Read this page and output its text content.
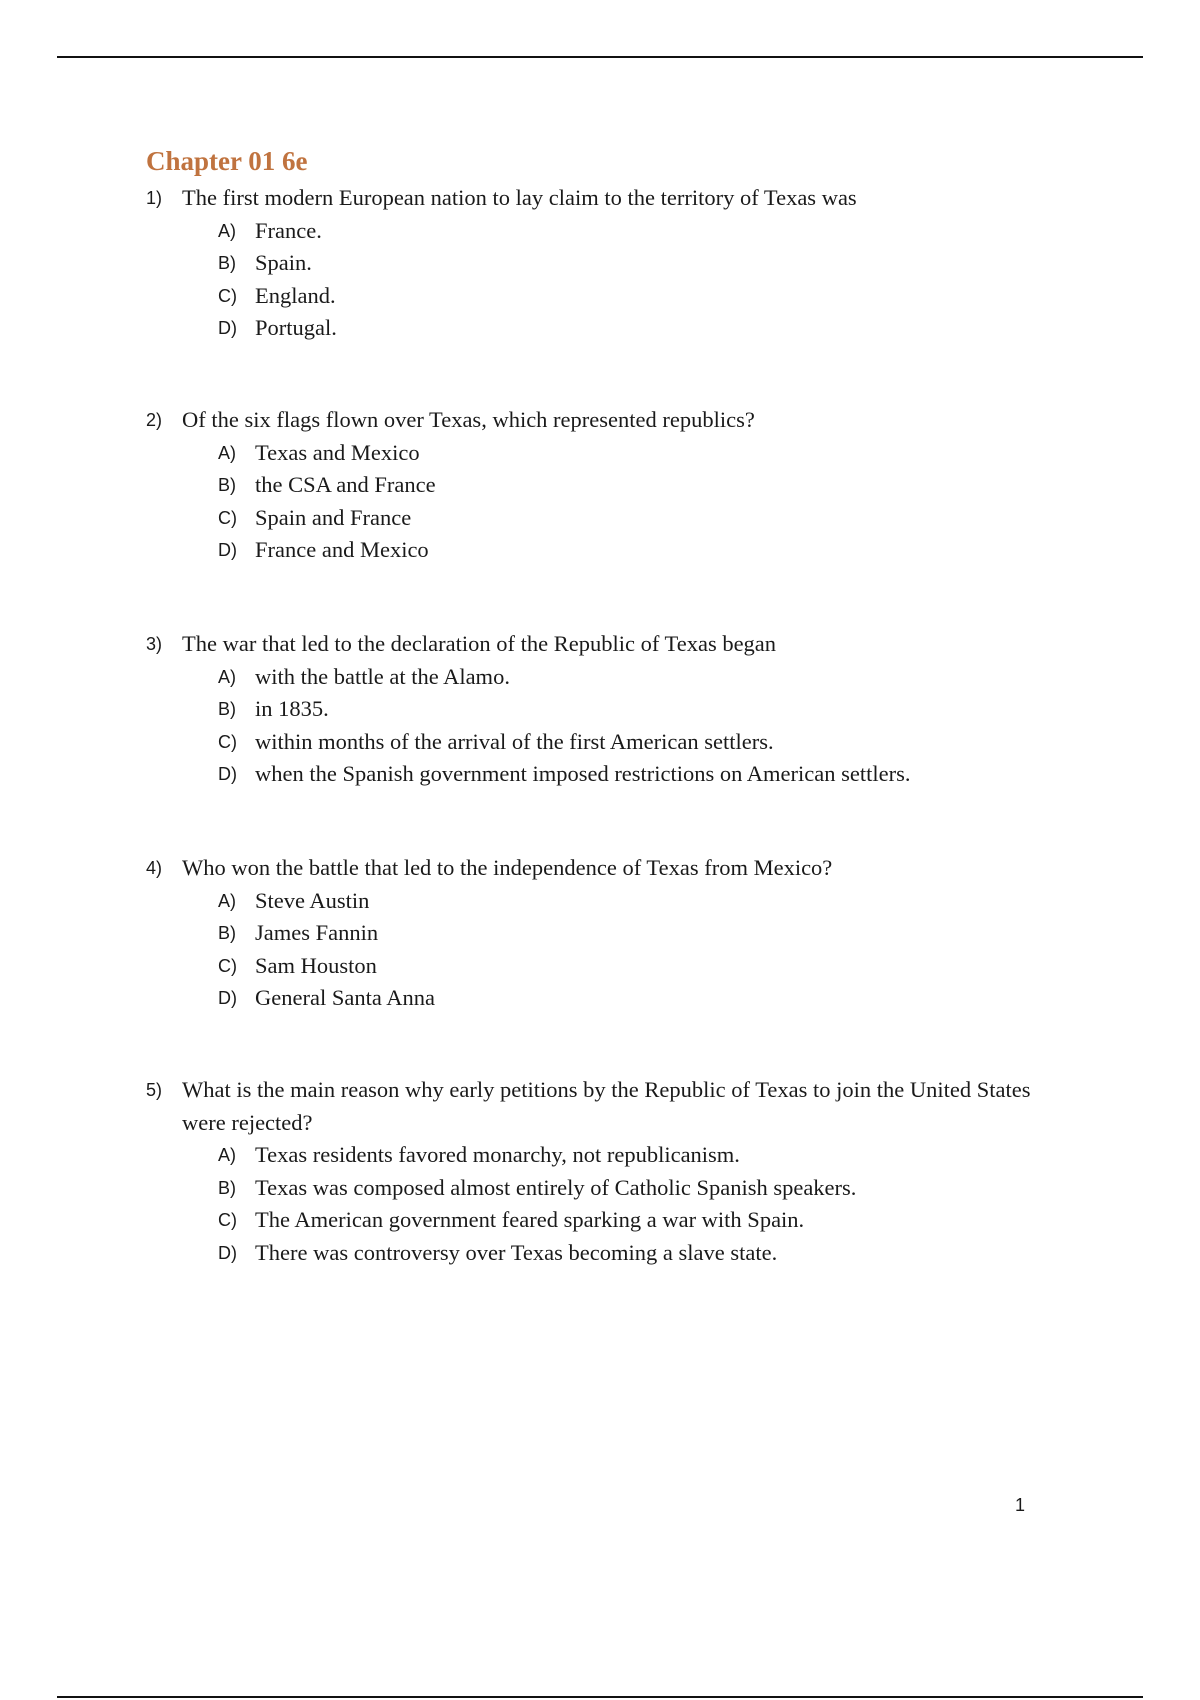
Chapter 01 6e
1) The first modern European nation to lay claim to the territory of Texas was
A) France.
B) Spain.
C) England.
D) Portugal.
2) Of the six flags flown over Texas, which represented republics?
A) Texas and Mexico
B) the CSA and France
C) Spain and France
D) France and Mexico
3) The war that led to the declaration of the Republic of Texas began
A) with the battle at the Alamo.
B) in 1835.
C) within months of the arrival of the first American settlers.
D) when the Spanish government imposed restrictions on American settlers.
4) Who won the battle that led to the independence of Texas from Mexico?
A) Steve Austin
B) James Fannin
C) Sam Houston
D) General Santa Anna
5) What is the main reason why early petitions by the Republic of Texas to join the United States were rejected?
A) Texas residents favored monarchy, not republicanism.
B) Texas was composed almost entirely of Catholic Spanish speakers.
C) The American government feared sparking a war with Spain.
D) There was controversy over Texas becoming a slave state.
1
